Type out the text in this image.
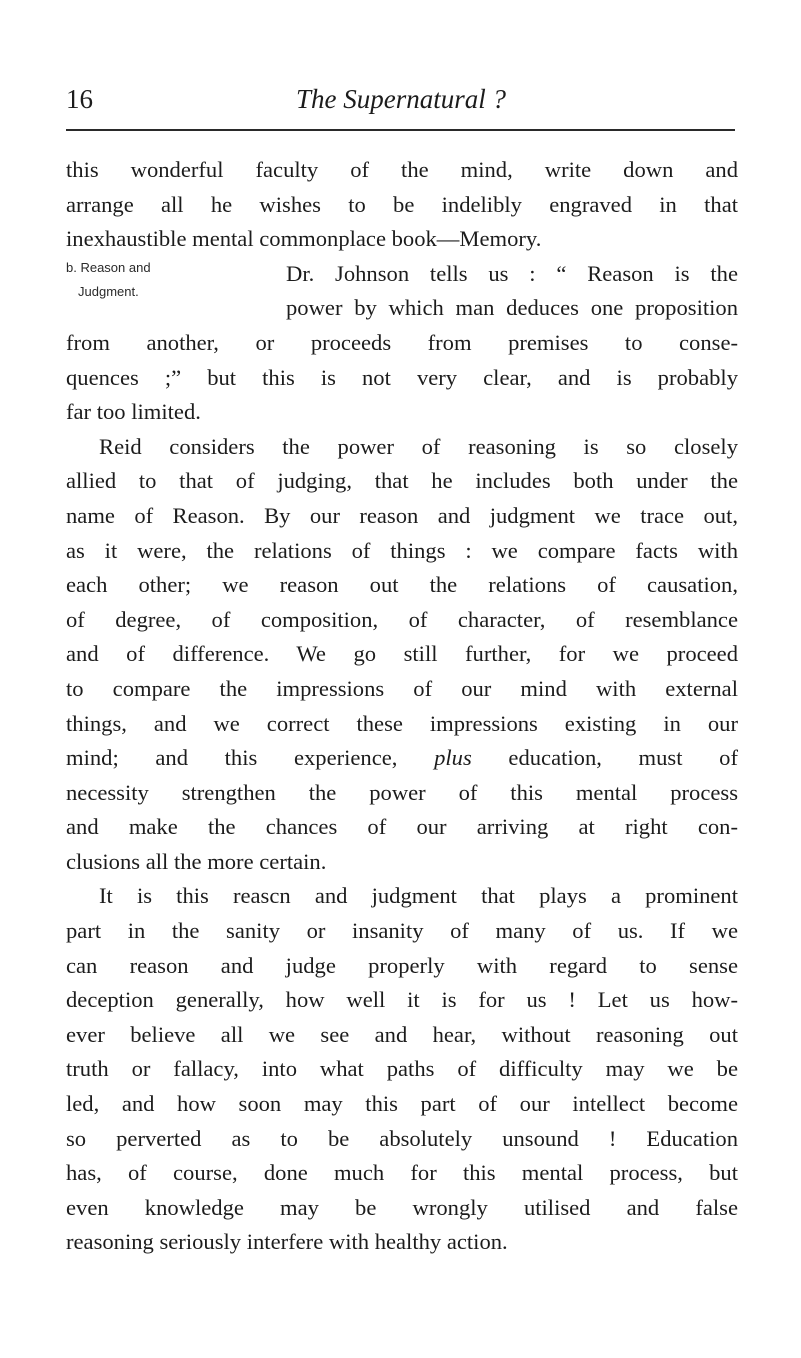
16	The Supernatural ?
b. Reason and
Judgment.
this wonderful faculty of the mind, write down and
arrange all he wishes to be indelibly engraved in that
inexhaustible mental commonplace book—Memory.
Dr. Johnson tells us : “ Reason is the
power by which man deduces one proposition
from another, or proceeds from premises to conse-
quences ;” but this is not very clear, and is probably
far too limited.
Reid considers the power of reasoning is so closely
allied to that of judging, that he includes both under the
name of Reason. By our reason and judgment we trace out,
as it were, the relations of things : we compare facts with
each other; we reason out the relations of causation,
of degree, of composition, of character, of resemblance
and of difference. We go still further, for we proceed
to compare the impressions of our mind with external
things, and we correct these impressions existing in our
mind; and this experience, plus education, must of
necessity strengthen the power of this mental process
and make the chances of our arriving at right con-
clusions all the more certain.
It is this reascn and judgment that plays a prominent
part in the sanity or insanity of many of us. If we
can reason and judge properly with regard to sense
deception generally, how well it is for us ! Let us how-
ever believe all we see and hear, without reasoning out
truth or fallacy, into what paths of difficulty may we be
led, and how soon may this part of our intellect become
so perverted as to be absolutely unsound ! Education
has, of course, done much for this mental process, but
even knowledge may be wrongly utilised and false
reasoning seriously interfere with healthy action.
